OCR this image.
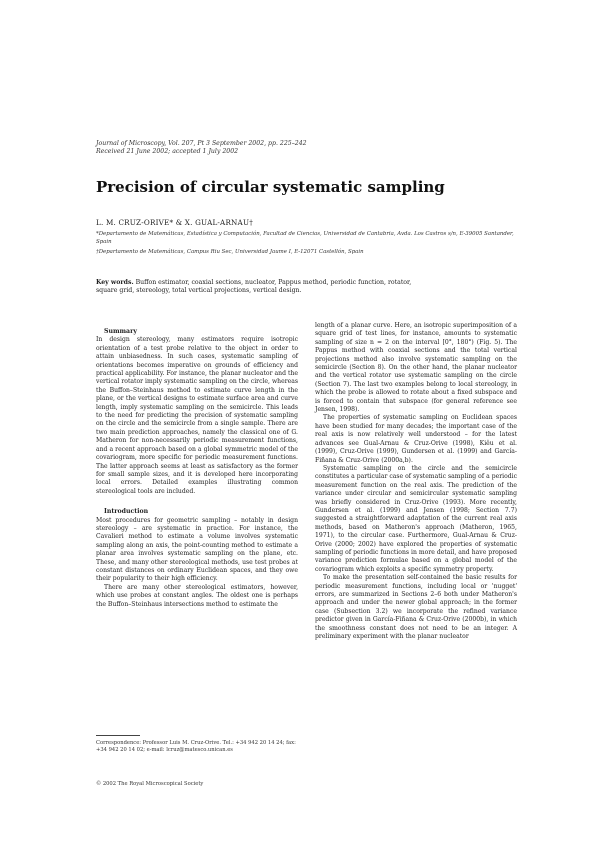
Journal of Microscopy, Vol. 207, Pt 3 September 2002, pp. 225–242
Received 21 June 2002; accepted 1 July 2002
Precision of circular systematic sampling
L. M. CRUZ-ORIVE* & X. GUAL-ARNAU†

*Departamento de Matemáticas, Estadística y Computación, Facultad de Ciencias, Universidad de Cantabria, Avda. Los Castros s/n, E-39005 Santander, Spain

†Departamento de Matemáticas, Campus Riu Sec, Universidad Jaume I, E-12071 Castellón, Spain

Key words. Buffon estimator, coaxial sections, nucleator, Pappus method, periodic function, rotator, square grid, stereology, total vertical projections, vertical design.

Summary

In design stereology, many estimators require isotropic orientation of a test probe relative to the object in order to attain unbiasedness. In such cases, systematic sampling of orientations becomes imperative on grounds of efficiency and practical applicability. For instance, the planar nucleator and the vertical rotator imply systematic sampling on the circle, whereas the Buffon–Steinhaus method to estimate curve length in the plane, or the vertical designs to estimate surface area and curve length, imply systematic sampling on the semicircle. This leads to the need for predicting the precision of systematic sampling on the circle and the semicircle from a single sample. There are two main prediction approaches, namely the classical one of G. Matheron for non-necessarily periodic measurement functions, and a recent approach based on a global symmetric model of the covariogram, more specific for periodic measurement functions. The latter approach seems at least as satisfactory as the former for small sample sizes, and it is developed here incorporating local errors. Detailed examples illustrating common stereological tools are included.

Introduction

Most procedures for geometric sampling – notably in design stereology – are systematic in practice. For instance, the Cavalieri method to estimate a volume involves systematic sampling along an axis, the point-counting method to estimate a planar area involves systematic sampling on the plane, etc. These, and many other stereological methods, use test probes at constant distances on ordinary Euclidean spaces, and they owe their popularity to their high efficiency.

There are many other stereological estimators, however, which use probes at constant angles. The oldest one is perhaps the Buffon–Steinhaus intersections method to estimate the

length of a planar curve. Here, an isotropic superimposition of a square grid of test lines, for instance, amounts to systematic sampling of size n = 2 on the interval [0°, 180°) (Fig. 5). The Pappus method with coaxial sections and the total vertical projections method also involve systematic sampling on the semicircle (Section 8). On the other hand, the planar nucleator and the vertical rotator use systematic sampling on the circle (Section 7). The last two examples belong to local stereology, in which the probe is allowed to rotate about a fixed subspace and is forced to contain that subspace (for general reference see Jensen, 1998).

The properties of systematic sampling on Euclidean spaces have been studied for many decades; the important case of the real axis is now relatively well understood – for the latest advances see Gual-Arnau & Cruz-Orive (1998), Kiêu et al. (1999), Cruz-Orive (1999), Gundersen et al. (1999) and García-Fiñana & Cruz-Orive (2000a,b).

Systematic sampling on the circle and the semicircle constitutes a particular case of systematic sampling of a periodic measurement function on the real axis. The prediction of the variance under circular and semicircular systematic sampling was briefly considered in Cruz-Orive (1993). More recently, Gundersen et al. (1999) and Jensen (1998; Section 7.7) suggested a straightforward adaptation of the current real axis methods, based on Matheron's approach (Matheron, 1965, 1971), to the circular case. Furthermore, Gual-Arnau & Cruz-Orive (2000; 2002) have explored the properties of systematic sampling of periodic functions in more detail, and have proposed variance prediction formulae based on a global model of the covariogram which exploits a specific symmetry property.

To make the presentation self-contained the basic results for periodic measurement functions, including local or 'nugget' errors, are summarized in Sections 2–6 both under Matheron's approach and under the newer global approach; in the former case (Subsection 3.2) we incorporate the refined variance predictor given in García-Fiñana & Cruz-Orive (2000b), in which the smoothness constant does not need to be an integer. A preliminary experiment with the planar nucleator

Correspondence: Professor Luis M. Cruz-Orive. Tel.: +34 942 20 14 24; fax: +34 942 20 14 02; e-mail: lcruz@matesco.unican.es
© 2002 The Royal Microscopical Society
